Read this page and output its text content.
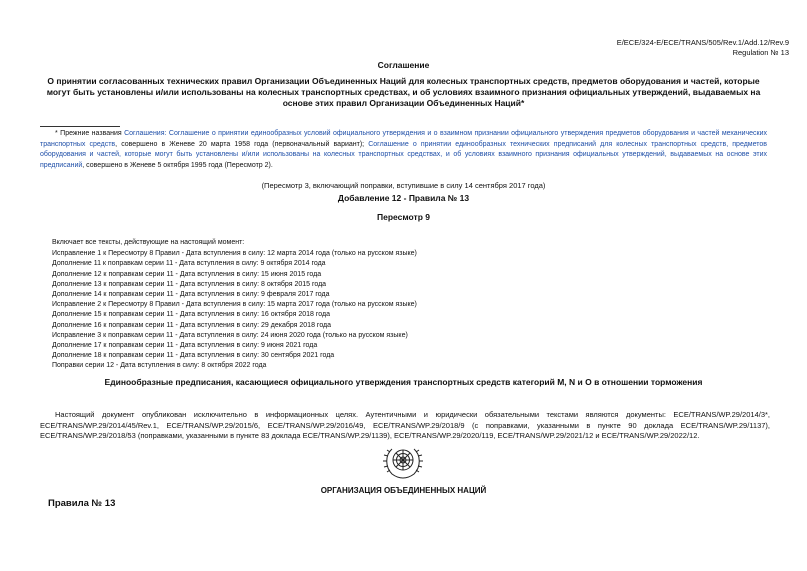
E/ECE/324-E/ECE/TRANS/505/Rev.1/Add.12/Rev.9
Regulation № 13
Соглашение
О принятии согласованных технических правил Организации Объединенных Наций для колесных транспортных средств, предметов оборудования и частей, которые могут быть установлены и/или использованы на колесных транспортных средствах, и об условиях взаимного признания официальных утверждений, выдаваемых на основе этих правил Организации Объединенных Наций*
* Прежние названия Соглашения: Соглашение о принятии единообразных условий официального утверждения и о взаимном признании официального утверждения предметов оборудования и частей механических транспортных средств, совершено в Женеве 20 марта 1958 года (первоначальный вариант); Соглашение о принятии единообразных технических предписаний для колесных транспортных средств, предметов оборудования и частей, которые могут быть установлены и/или использованы на колесных транспортных средствах, и об условиях взаимного признания официальных утверждений, выдаваемых на основе этих предписаний, совершено в Женеве 5 октября 1995 года (Пересмотр 2).
(Пересмотр 3, включающий поправки, вступившие в силу 14 сентября 2017 года)
Добавление 12 - Правила № 13
Пересмотр 9
Включает все тексты, действующие на настоящий момент:
Исправление 1 к Пересмотру 8 Правил - Дата вступления в силу: 12 марта 2014 года (только на русском языке)
Дополнение 11 к поправкам серии 11 - Дата вступления в силу: 9 октября 2014 года
Дополнение 12 к поправкам серии 11 - Дата вступления в силу: 15 июня 2015 года
Дополнение 13 к поправкам серии 11 - Дата вступления в силу: 8 октября 2015 года
Дополнение 14 к поправкам серии 11 - Дата вступления в силу: 9 февраля 2017 года
Исправление 2 к Пересмотру 8 Правил - Дата вступления в силу: 15 марта 2017 года (только на русском языке)
Дополнение 15 к поправкам серии 11 - Дата вступления в силу: 16 октября 2018 года
Дополнение 16 к поправкам серии 11 - Дата вступления в силу: 29 декабря 2018 года
Исправление 3 к поправкам серии 11 - Дата вступления в силу: 24 июня 2020 года (только на русском языке)
Дополнение 17 к поправкам серии 11 - Дата вступления в силу: 9 июня 2021 года
Дополнение 18 к поправкам серии 11 - Дата вступления в силу: 30 сентября 2021 года
Поправки серии 12 - Дата вступления в силу: 8 октября 2022 года
Единообразные предписания, касающиеся официального утверждения транспортных средств категорий M, N и O в отношении торможения
Настоящий документ опубликован исключительно в информационных целях. Аутентичными и юридически обязательными текстами являются документы: ECE/TRANS/WP.29/2014/3*, ECE/TRANS/WP.29/2014/45/Rev.1, ECE/TRANS/WP.29/2015/6, ECE/TRANS/WP.29/2016/49, ECE/TRANS/WP.29/2018/9 (с поправками, указанными в пункте 90 доклада ECE/TRANS/WP.29/1137), ECE/TRANS/WP.29/2018/53 (поправками, указанными в пункте 83 доклада ECE/TRANS/WP.29/1139), ECE/TRANS/WP.29/2020/119, ECE/TRANS/WP.29/2021/12 и ECE/TRANS/WP.29/2022/12.
ОРГАНИЗАЦИЯ ОБЪЕДИНЕННЫХ НАЦИЙ
Правила № 13
